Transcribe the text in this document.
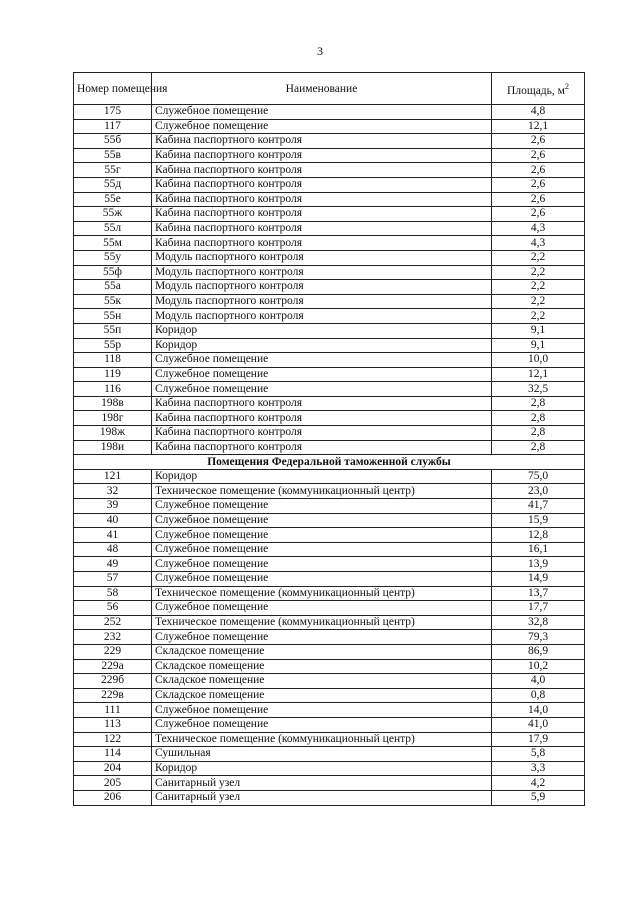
3
Номер помещения	Наименование	Площадь, $м^2$
175	Служебное помещение	4,8
117	Служебное помещение	12,1
55б	Кабина паспортного контроля	2,6
55в	Кабина паспортного контроля	2,6
55г	Кабина паспортного контроля	2,6
55д	Кабина паспортного контроля	2,6
55е	Кабина паспортного контроля	2,6
55ж	Кабина паспортного контроля	2,6
55л	Кабина паспортного контроля	4,3
55м	Кабина паспортного контроля	4,3
55у	Модуль паспортного контроля	2,2
55ф	Модуль паспортного контроля	2,2
55а	Модуль паспортного контроля	2,2
55к	Модуль паспортного контроля	2,2
55н	Модуль паспортного контроля	2,2
55п	Коридор	9,1
55р	Коридор	9,1
118	Служебное помещение	10,0
119	Служебное помещение	12,1
116	Служебное помещение	32,5
198в	Кабина паспортного контроля	2,8
198г	Кабина паспортного контроля	2,8
198ж	Кабина паспортного контроля	2,8
198и	Кабина паспортного контроля	2,8
Помещения Федеральной таможенной службы		
121	Коридор	75,0
32	Техническое помещение (коммуникационный центр)	23,0
39	Служебное помещение	41,7
40	Служебное помещение	15,9
41	Служебное помещение	12,8
48	Служебное помещение	16,1
49	Служебное помещение	13,9
57	Служебное помещение	14,9
58	Техническое помещение (коммуникационный центр)	13,7
56	Служебное помещение	17,7
252	Техническое помещение (коммуникационный центр)	32,8
232	Служебное помещение	79,3
229	Складское помещение	86,9
229а	Складское помещение	10,2
229б	Складское помещение	4,0
229в	Складское помещение	0,8
111	Служебное помещение	14,0
113	Служебное помещение	41,0
122	Техническое помещение (коммуникационный центр)	17,9
114	Сушильная	5,8
204	Коридор	3,3
205	Санитарный узел	4,2
206	Санитарный узел	5,9
